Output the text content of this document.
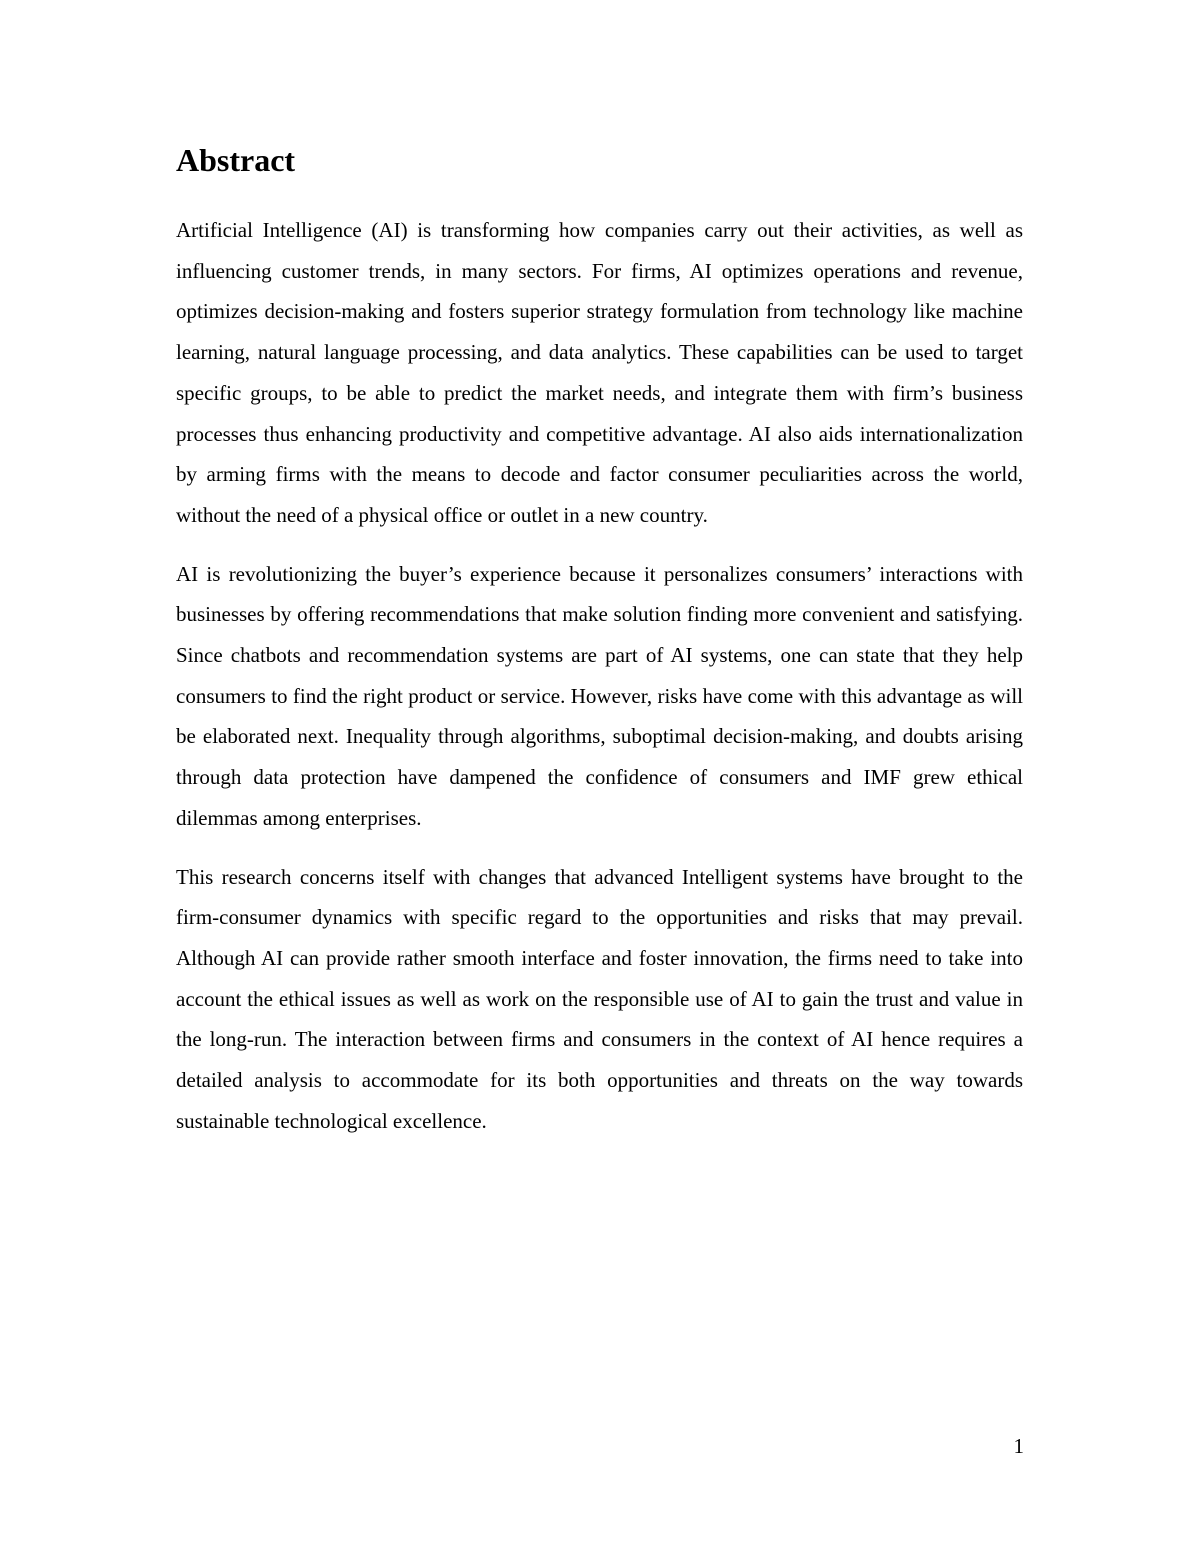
Abstract

Artificial Intelligence (AI) is transforming how companies carry out their activities, as well as influencing customer trends, in many sectors. For firms, AI optimizes operations and revenue, optimizes decision-making and fosters superior strategy formulation from technology like machine learning, natural language processing, and data analytics. These capabilities can be used to target specific groups, to be able to predict the market needs, and integrate them with firm’s business processes thus enhancing productivity and competitive advantage. AI also aids internationalization by arming firms with the means to decode and factor consumer peculiarities across the world, without the need of a physical office or outlet in a new country.

AI is revolutionizing the buyer’s experience because it personalizes consumers’ interactions with businesses by offering recommendations that make solution finding more convenient and satisfying. Since chatbots and recommendation systems are part of AI systems, one can state that they help consumers to find the right product or service. However, risks have come with this advantage as will be elaborated next. Inequality through algorithms, suboptimal decision-making, and doubts arising through data protection have dampened the confidence of consumers and IMF grew ethical dilemmas among enterprises.

This research concerns itself with changes that advanced Intelligent systems have brought to the firm-consumer dynamics with specific regard to the opportunities and risks that may prevail. Although AI can provide rather smooth interface and foster innovation, the firms need to take into account the ethical issues as well as work on the responsible use of AI to gain the trust and value in the long-run. The interaction between firms and consumers in the context of AI hence requires a detailed analysis to accommodate for its both opportunities and threats on the way towards sustainable technological excellence.

1
